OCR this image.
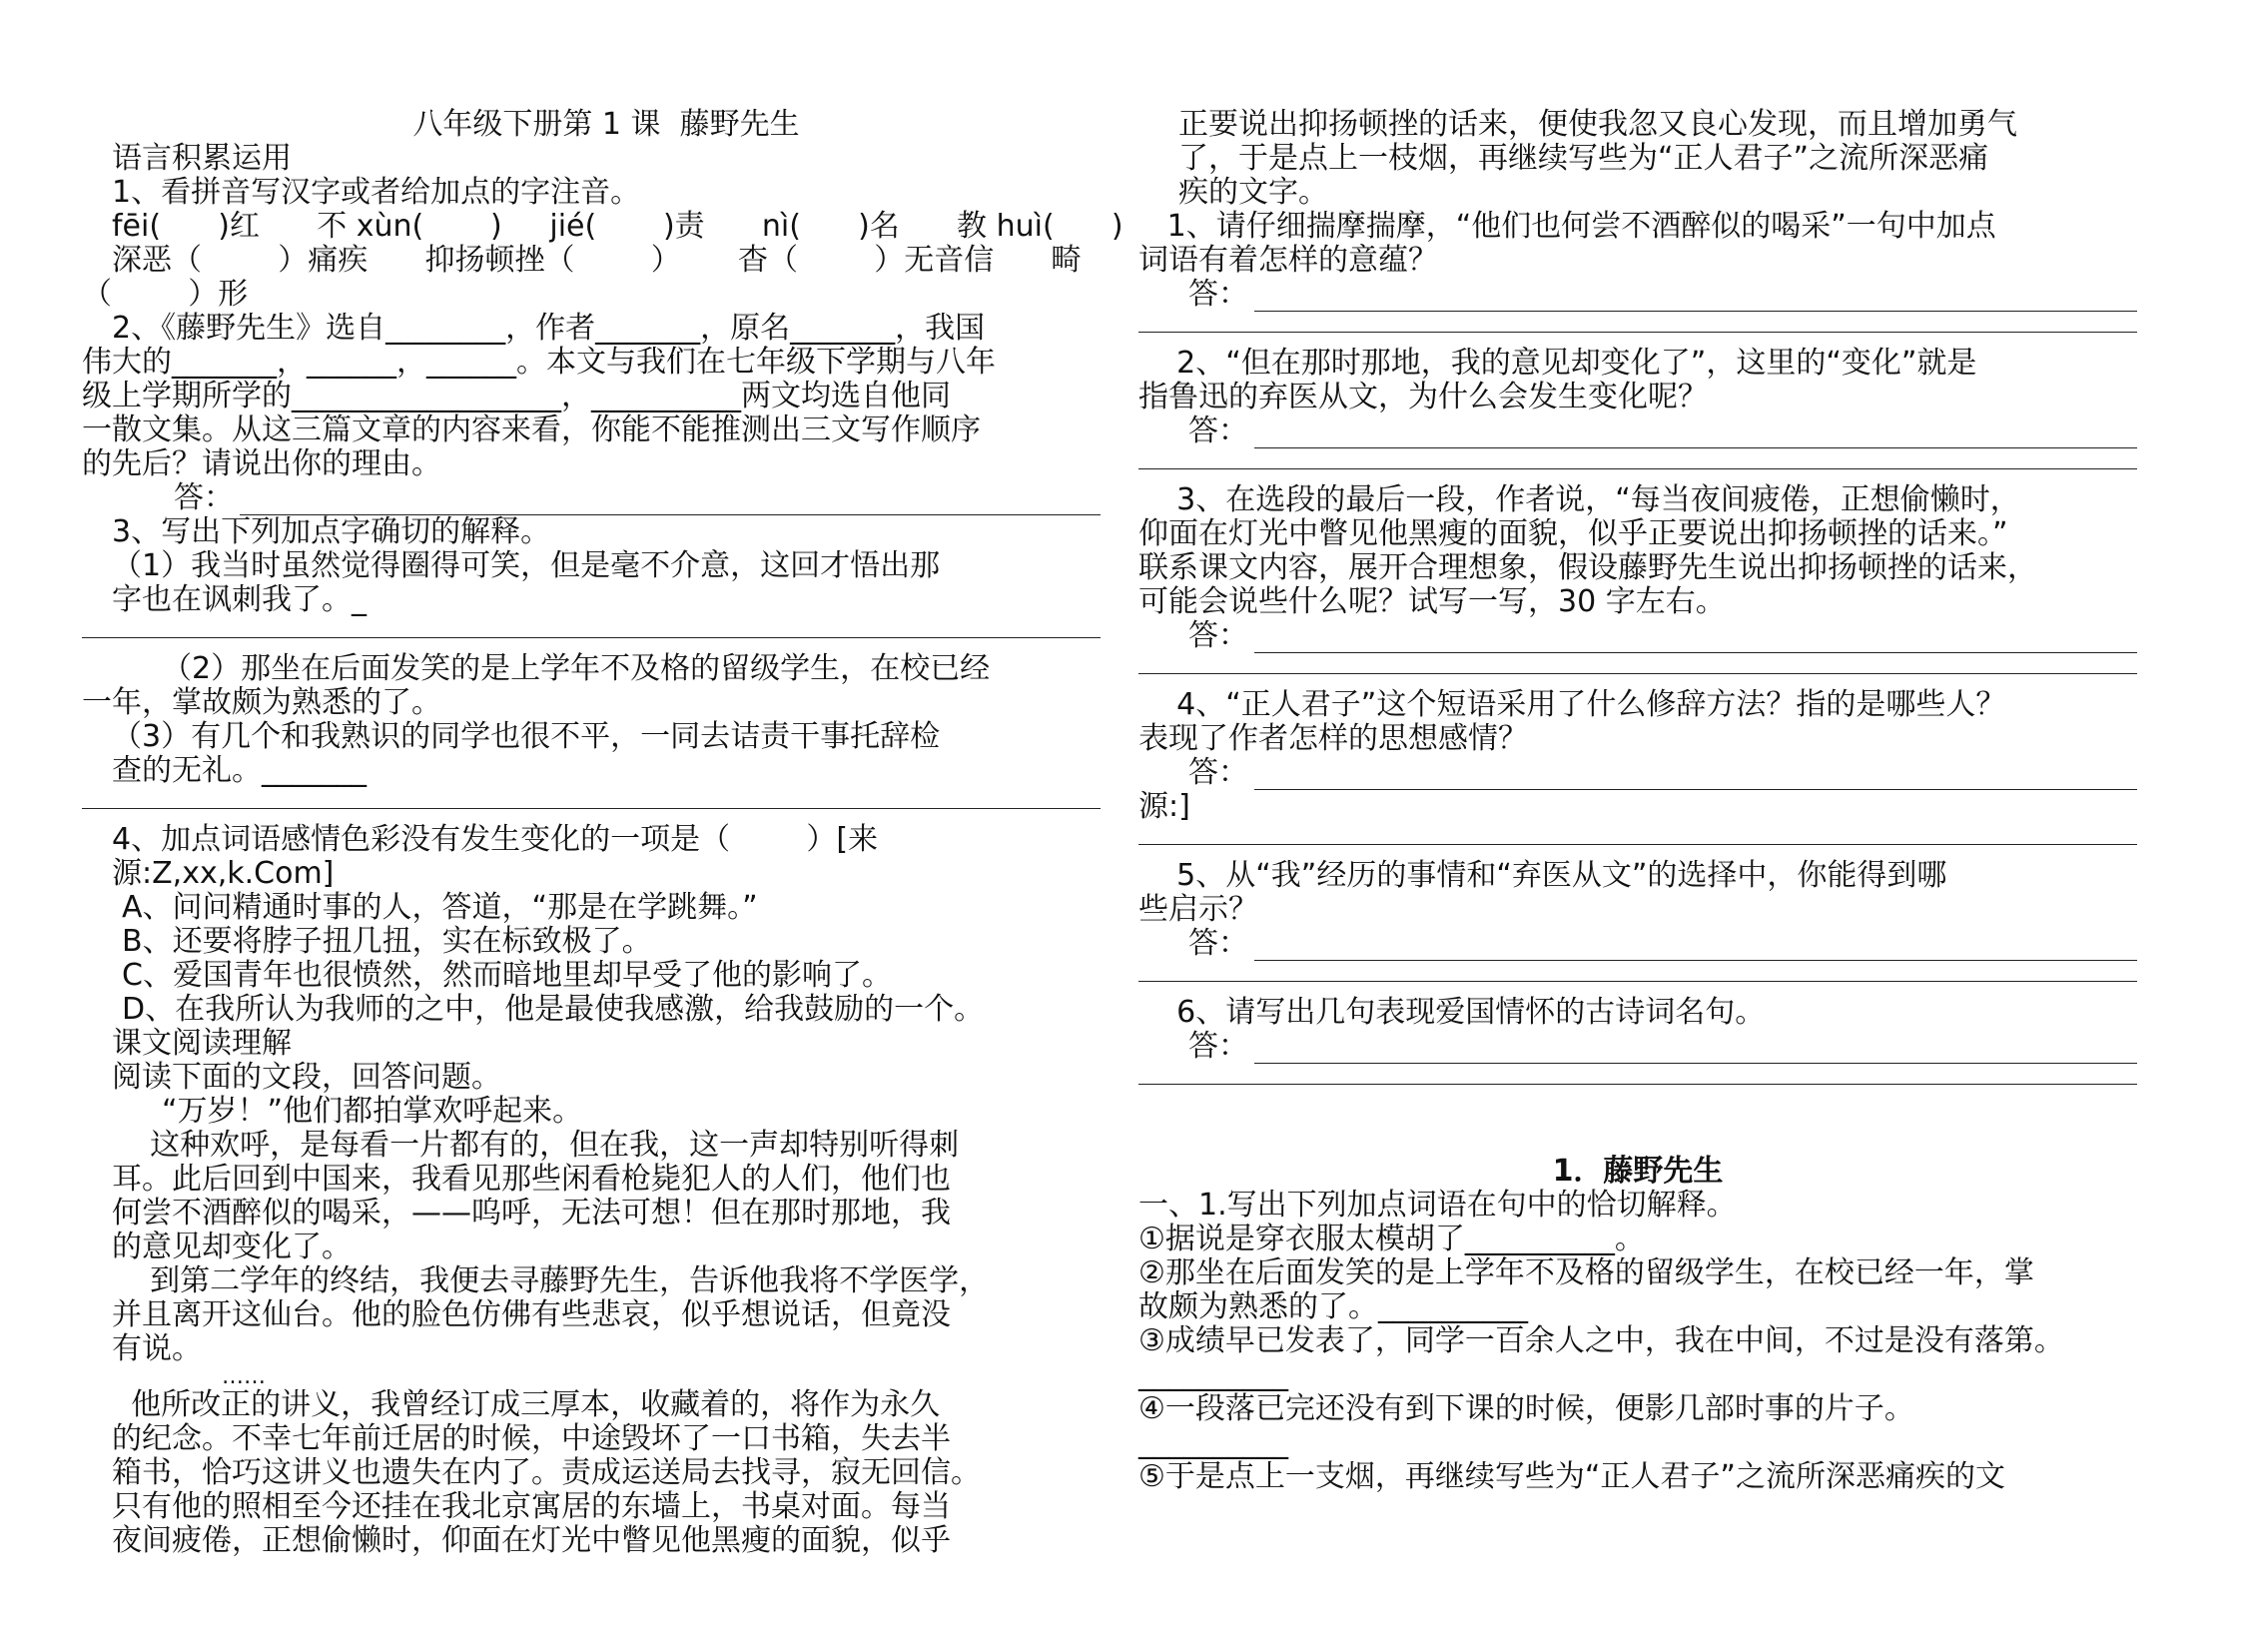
八年级下册第 1 课  藤野先生
语言积累运用
1、看拼音写汉字或者给加点的字注音。
fēi(      )红      不 xùn(       )     jié(       )责      nì(      )名      教 huì(      )
深恶（        ）痛疾      抑扬顿挫（        ）      杳（        ）无音信      畸
（        ）形
2、《藤野先生》选自________，作者_______，原名_______，我国
伟大的_______，______，______。本文与我们在七年级下学期与八年
级上学期所学的__________________，__________两文均选自他同
一散文集。从这三篇文章的内容来看，你能不能推测出三文写作顺序
的先后？请说出你的理由。
答：
3、写出下列加点字确切的解释。
（1）我当时虽然觉得圈得可笑，但是毫不介意，这回才悟出那
字也在讽刺我了。_
（2）那坐在后面发笑的是上学年不及格的留级学生，在校已经
一年，掌故颇为熟悉的了。
（3）有几个和我熟识的同学也很不平，一同去诘责干事托辞检
查的无礼。_______
4、加点词语感情色彩没有发生变化的一项是（        ）[来
源:Z,xx,k.Com]
A、问问精通时事的人，答道，“那是在学跳舞。”
B、还要将脖子扭几扭，实在标致极了。
C、爱国青年也很愤然，然而暗地里却早受了他的影响了。
D、在我所认为我师的之中，他是最使我感激，给我鼓励的一个。
课文阅读理解
阅读下面的文段，回答问题。
“万岁！”他们都拍掌欢呼起来。
这种欢呼，是每看一片都有的，但在我，这一声却特别听得刺
耳。此后回到中国来，我看见那些闲看枪毙犯人的人们，他们也
何尝不酒醉似的喝采，——呜呼，无法可想！但在那时那地，我
的意见却变化了。
到第二学年的终结，我便去寻藤野先生，告诉他我将不学医学，
并且离开这仙台。他的脸色仿佛有些悲哀，似乎想说话，但竟没
有说。
……
他所改正的讲义，我曾经订成三厚本，收藏着的，将作为永久
的纪念。不幸七年前迁居的时候，中途毁坏了一口书箱，失去半
箱书，恰巧这讲义也遗失在内了。责成运送局去找寻，寂无回信。
只有他的照相至今还挂在我北京寓居的东墙上，书桌对面。每当
夜间疲倦，正想偷懒时，仰面在灯光中瞥见他黑瘦的面貌，似乎
正要说出抑扬顿挫的话来，便使我忽又良心发现，而且增加勇气
了，于是点上一枝烟，再继续写些为“正人君子”之流所深恶痛
疾的文字。
1、请仔细揣摩揣摩，“他们也何尝不酒醉似的喝采”一句中加点
词语有着怎样的意蕴？
答：
2、“但在那时那地，我的意见却变化了”，这里的“变化”就是
指鲁迅的弃医从文，为什么会发生变化呢？
答：
3、在选段的最后一段，作者说，“每当夜间疲倦，正想偷懒时，
仰面在灯光中瞥见他黑瘦的面貌，似乎正要说出抑扬顿挫的话来。”
联系课文内容，展开合理想象，假设藤野先生说出抑扬顿挫的话来，
可能会说些什么呢？试写一写，30 字左右。
答：
4、“正人君子”这个短语采用了什么修辞方法？指的是哪些人？
表现了作者怎样的思想感情？
答：
源:]
5、从“我”经历的事情和“弃医从文”的选择中，你能得到哪
些启示？
答：
6、请写出几句表现爱国情怀的古诗词名句。
答：
1．藤野先生
一、1.写出下列加点词语在句中的恰切解释。
①据说是穿衣服太模胡了__________。
②那坐在后面发笑的是上学年不及格的留级学生，在校已经一年，掌
故颇为熟悉的了。__________
③成绩早已发表了，同学一百余人之中，我在中间，不过是没有落第。
__________
④一段落已完还没有到下课的时候，便影几部时事的片子。
__________
⑤于是点上一支烟，再继续写些为“正人君子”之流所深恶痛疾的文
